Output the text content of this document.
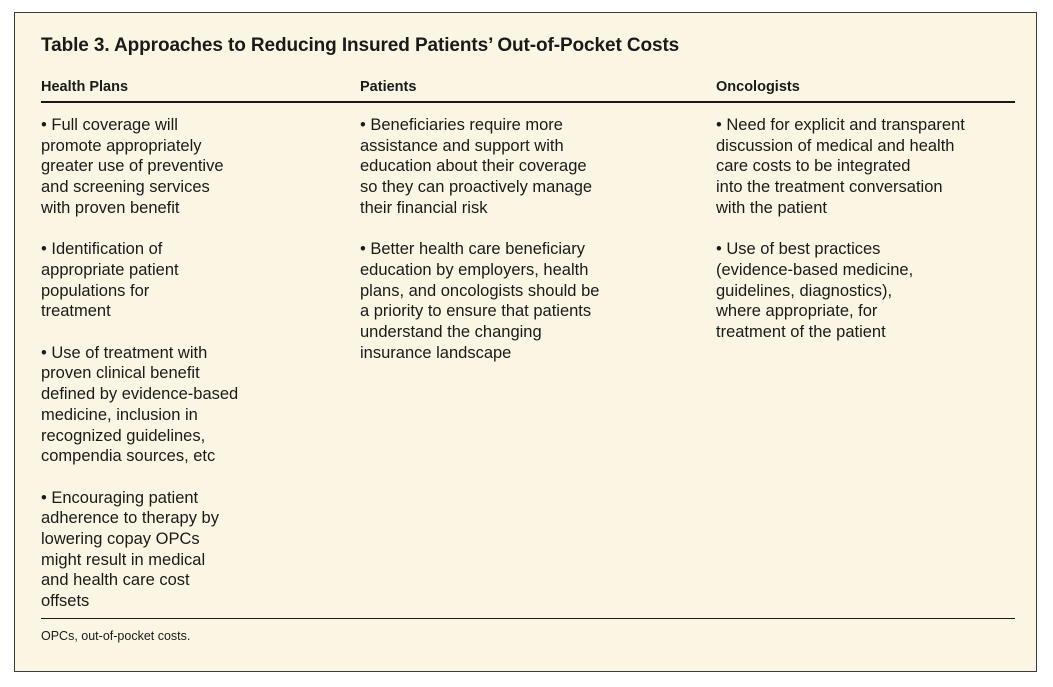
Table 3. Approaches to Reducing Insured Patients’ Out-of-Pocket Costs
Health Plans	Patients	Oncologists
• Full coverage will
promote appropriately
greater use of preventive
and screening services
with proven benefit
• Identification of
appropriate patient
populations for
treatment
• Use of treatment with
proven clinical benefit
defined by evidence-based
medicine, inclusion in
recognized guidelines,
compendia sources, etc
• Encouraging patient
adherence to therapy by
lowering copay OPCs
might result in medical
and health care cost
offsets
• Beneficiaries require more
assistance and support with
education about their coverage
so they can proactively manage
their financial risk
• Better health care beneficiary
education by employers, health
plans, and oncologists should be
a priority to ensure that patients
understand the changing
insurance landscape
• Need for explicit and transparent
discussion of medical and health
care costs to be integrated
into the treatment conversation
with the patient
• Use of best practices
(evidence-based medicine,
guidelines, diagnostics),
where appropriate, for
treatment of the patient
OPCs, out-of-pocket costs.
